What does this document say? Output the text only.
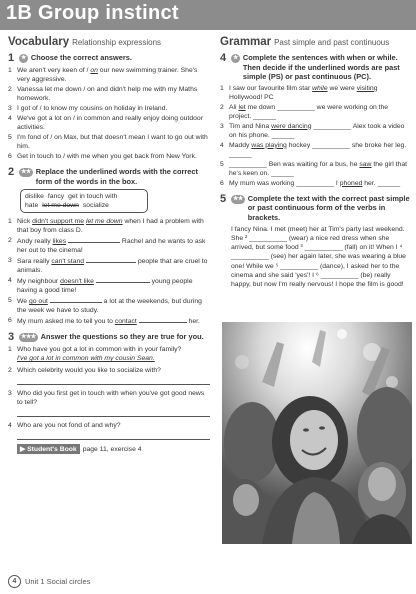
1B Group instinct
Vocabulary Relationship expressions
1	★ Choose the correct answers.
1 We aren't very keen of / on our new swimming trainer. She's very aggressive.
2 Vanessa let me down / on and didn't help me with my Maths homework.
3 I got of / to know my cousins on holiday in Ireland.
4 We've got a lot on / in common and really enjoy doing outdoor activities.
5 I'm fond of / on Max, but that doesn't mean I want to go out with him.
6 Get in touch to / with me when you get back from New York.
2	★★ Replace the underlined words with the correct form of the words in the box.
dislike fancy get in touch with
hate let me down socialize
1 Nick didn't support me let me down when I had a problem with that boy from class D.
2 Andy really likes	Rachel and he wants to ask her out to the cinema!
3 Sara really can't stand	people that are cruel to animals.
4 My neighbour doesn't like	young people having a good time!
5 We go out	a lot at the weekends, but during the week we have to study.
6 My mum asked me to tell you to contact	her.
3	★★★ Answer the questions so they are true for you.
1 Who have you got a lot in common with in your family?
I've got a lot in common with my cousin Sean.
2 Which celebrity would you like to socialize with?
3 Who did you first get in touch with when you've got good news to tell?
4 Who are you not fond of and why?
▶ Student's Book page 11, exercise 4
Grammar Past simple and past continuous
4	★ Complete the sentences with when or while. Then decide if the underlined words are past simple (PS) or past continuous (PC).
1 I saw our favourite film star while we were visiting Hollywood! PC
2 Ali let me down __________ we were working on the project. ______
3 Tim and Nina were dancing __________ Alex took a video on his phone. ______
4 Maddy was playing hockey __________ she broke her leg. ______
5 __________ Ben was waiting for a bus, he saw the girl that he's keen on. ______
6 My mum was working __________ I phoned her. ______
5	★★ Complete the text with the correct past simple or past continuous form of the verbs in brackets.
I fancy Nina. I met (meet) her at Tim's party last weekend. She ² __________ (wear) a nice red dress when she arrived, but some food ³ __________ (fall) on it! When I ⁴ __________ (see) her again later, she was wearing a blue one! While we ⁵ __________ (dance), I asked her to the cinema and she said 'yes'! I ⁶ __________ (be) really happy, but now I'm really nervous! I hope the film is good!
4	Unit 1 Social circles
